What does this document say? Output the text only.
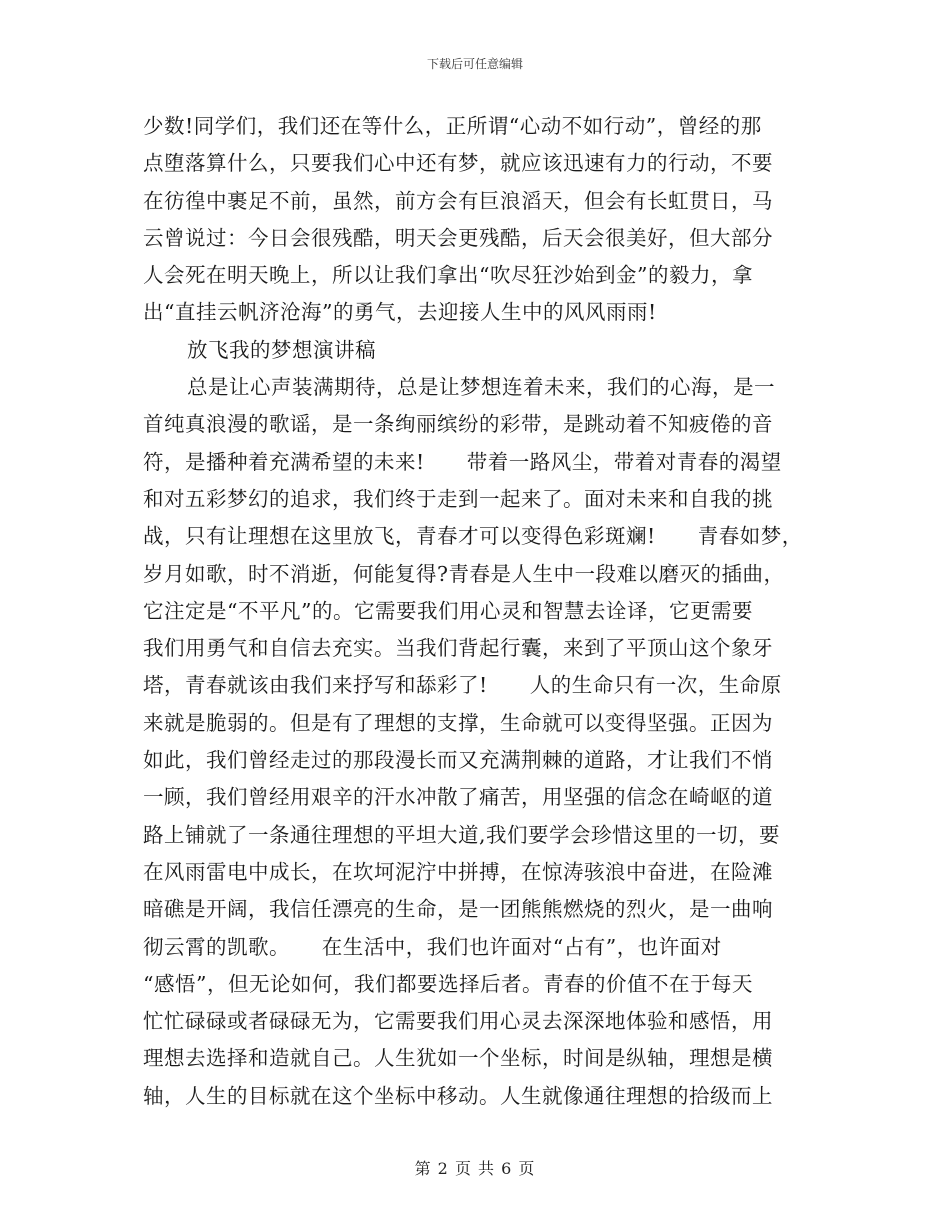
下载后可任意编辑
少数!同学们，我们还在等什么，正所谓“心动不如行动”，曾经的那
点堕落算什么，只要我们心中还有梦，就应该迅速有力的行动，不要
在彷徨中裹足不前，虽然，前方会有巨浪滔天，但会有长虹贯日，马
云曾说过：今日会很残酷，明天会更残酷，后天会很美好，但大部分
人会死在明天晚上，所以让我们拿出“吹尽狂沙始到金”的毅力，拿
出“直挂云帆济沧海”的勇气，去迎接人生中的风风雨雨!
放飞我的梦想演讲稿
总是让心声装满期待，总是让梦想连着未来，我们的心海，是一
首纯真浪漫的歌谣，是一条绚丽缤纷的彩带，是跳动着不知疲倦的音
符，是播种着充满希望的未来!　　带着一路风尘，带着对青春的渴望
和对五彩梦幻的追求，我们终于走到一起来了。面对未来和自我的挑
战，只有让理想在这里放飞，青春才可以变得色彩斑斓!　　青春如梦，
岁月如歌，时不消逝，何能复得?青春是人生中一段难以磨灭的插曲，
它注定是“不平凡”的。它需要我们用心灵和智慧去诠译，它更需要
我们用勇气和自信去充实。当我们背起行囊，来到了平顶山这个象牙
塔，青春就该由我们来抒写和舔彩了!　　人的生命只有一次，生命原
来就是脆弱的。但是有了理想的支撑，生命就可以变得坚强。正因为
如此，我们曾经走过的那段漫长而又充满荆棘的道路，才让我们不悄
一顾，我们曾经用艰辛的汗水冲散了痛苦，用坚强的信念在崎岖的道
路上铺就了一条通往理想的平坦大道,我们要学会珍惜这里的一切，要
在风雨雷电中成长，在坎坷泥泞中拼搏，在惊涛骇浪中奋进，在险滩
暗礁是开阔，我信任漂亮的生命，是一团熊熊燃烧的烈火，是一曲响
彻云霄的凯歌。　　在生活中，我们也许面对“占有”，也许面对
“感悟”，但无论如何，我们都要选择后者。青春的价值不在于每天
忙忙碌碌或者碌碌无为，它需要我们用心灵去深深地体验和感悟，用
理想去选择和造就自己。人生犹如一个坐标，时间是纵轴，理想是横
轴，人生的目标就在这个坐标中移动。人生就像通往理想的拾级而上
第 2 页 共 6 页
